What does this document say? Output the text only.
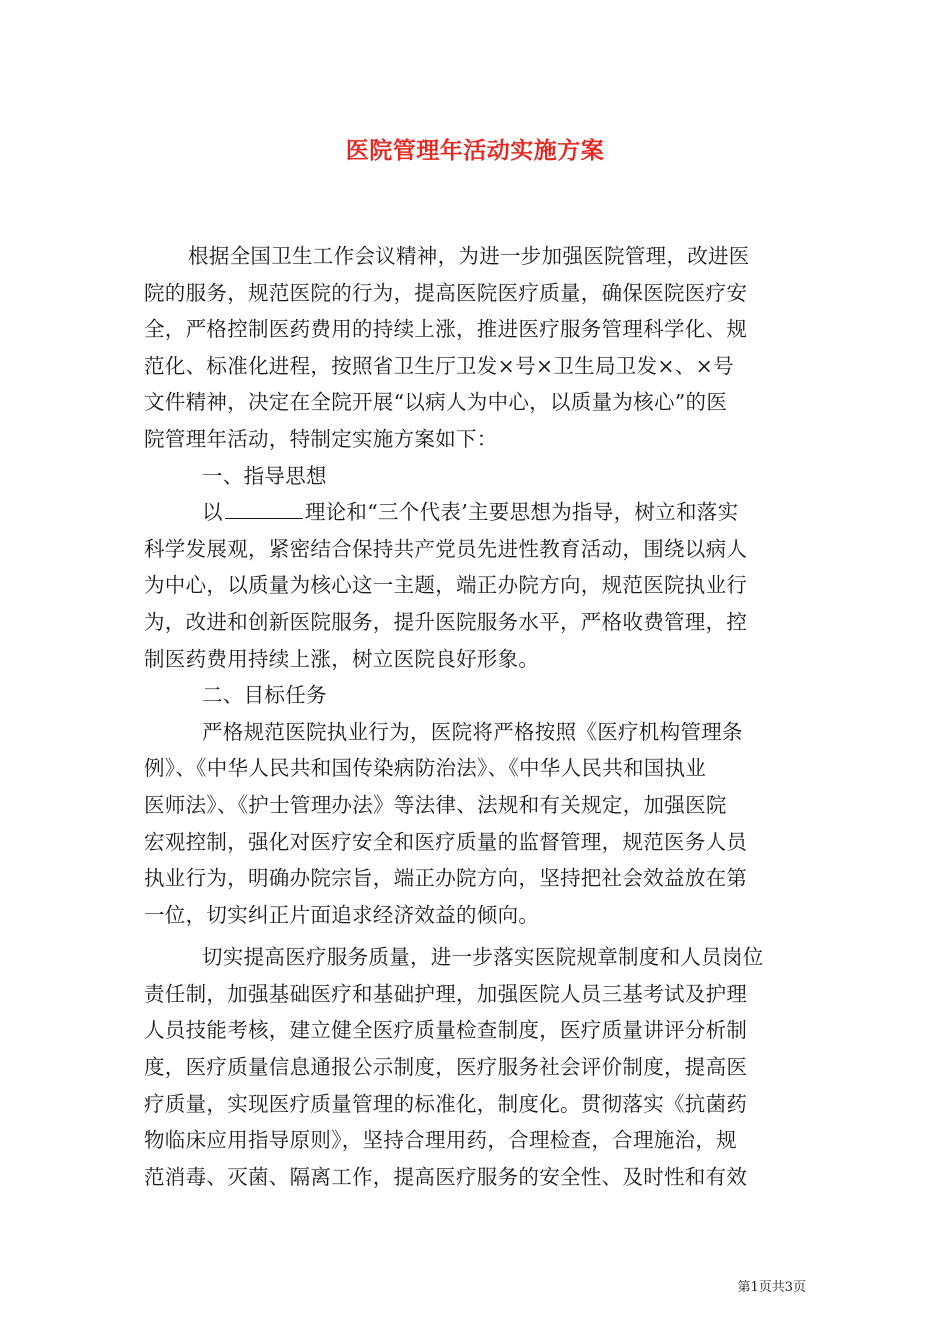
医院管理年活动实施方案
根据全国卫生工作会议精神，为进一步加强医院管理，改进医
院的服务，规范医院的行为，提高医院医疗质量，确保医院医疗安
全，严格控制医药费用的持续上涨，推进医疗服务管理科学化、规
范化、标准化进程，按照省卫生厅卫发×号×卫生局卫发×、×号
文件精神，决定在全院开展“以病人为中心，以质量为核心”的医
院管理年活动，特制定实施方案如下：
一、指导思想
以	理论和“三个代表’主要思想为指导，树立和落实
科学发展观，紧密结合保持共产党员先进性教育活动，围绕以病人
为中心，以质量为核心这一主题，端正办院方向，规范医院执业行
为，改进和创新医院服务，提升医院服务水平，严格收费管理，控
制医药费用持续上涨，树立医院良好形象。
二、目标任务
严格规范医院执业行为，医院将严格按照《医疗机构管理条
例》、《中华人民共和国传染病防治法》、《中华人民共和国执业
医师法》、《护士管理办法》等法律、法规和有关规定，加强医院
宏观控制，强化对医疗安全和医疗质量的监督管理，规范医务人员
执业行为，明确办院宗旨，端正办院方向，坚持把社会效益放在第
一位，切实纠正片面追求经济效益的倾向。
切实提高医疗服务质量，进一步落实医院规章制度和人员岗位
责任制，加强基础医疗和基础护理，加强医院人员三基考试及护理
人员技能考核，建立健全医疗质量检查制度，医疗质量讲评分析制
度，医疗质量信息通报公示制度，医疗服务社会评价制度，提高医
疗质量，实现医疗质量管理的标准化，制度化。贯彻落实《抗菌药
物临床应用指导原则》，坚持合理用药，合理检查，合理施治，规
范消毒、灭菌、隔离工作，提高医疗服务的安全性、及时性和有效
第1页共3页
